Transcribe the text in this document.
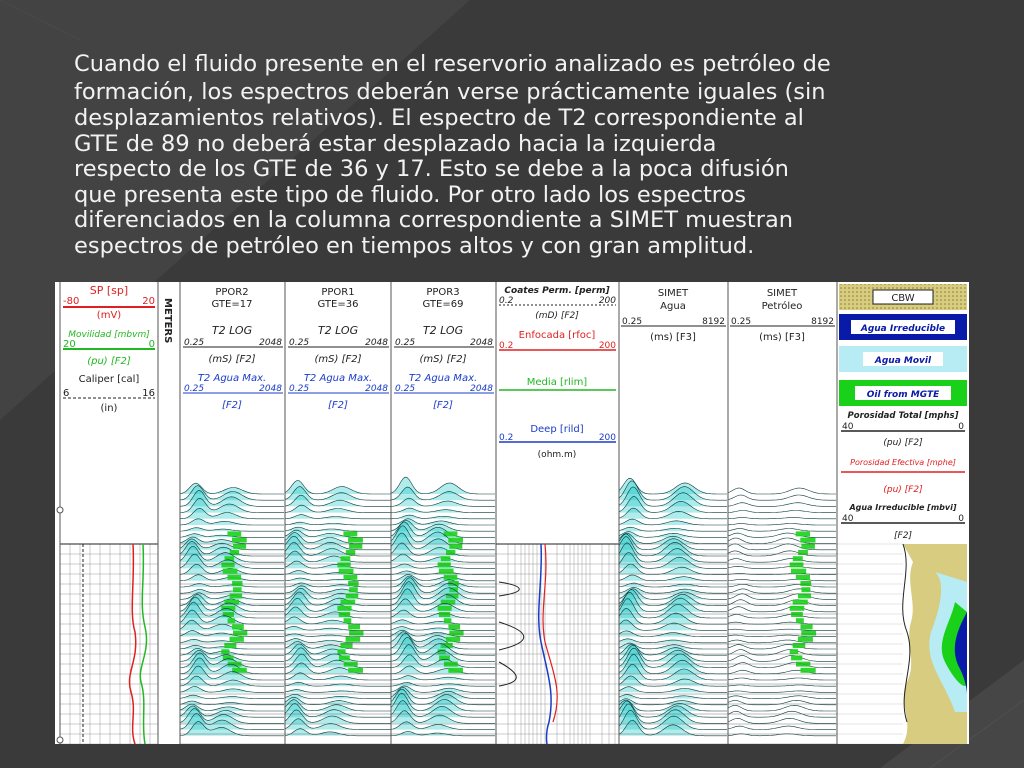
Cuando el fluido presente en el reservorio analizado es petróleo de

formación, los espectros deberán verse prácticamente iguales (sin
desplazamientos relativos). El espectro de T2 correspondiente al
GTE de 89 no deberá estar desplazado hacia la izquierda
respecto de los GTE de 36 y 17. Esto se debe a la poca difusión
que presenta este tipo de fluido. Por otro lado los espectros
diferenciados en la columna correspondiente a SIMET muestran
espectros de petróleo en tiempos altos y con gran amplitud.

SP [sp]
-80	20
(mV)
Movilidad [mbvm]
20	0
(pu) [F2]
Caliper [cal]
6	16
(in)
METERS
PPOR2
GTE=17
T2 LOG
0.25	2048
(mS) [F2]
T2 Agua Max.
0.25	2048
[F2]
PPOR1
GTE=36
T2 LOG
0.25	2048
(mS) [F2]
T2 Agua Max.
0.25	2048
[F2]
PPOR3
GTE=69
T2 LOG
0.25	2048
(mS) [F2]
T2 Agua Max.
0.25	2048
[F2]
Coates Perm. [perm]
0.2	200
(mD) [F2]
Enfocada [rfoc]
0.2	200
Media [rlim]
Deep [rild]
0.2	200
(ohm.m)
SIMET
Agua
0.25	8192
(ms) [F3]
SIMET
Petróleo
0.25	8192
(ms) [F3]
CBW
Agua Irreducible
Agua Movil
Oil from MGTE
Porosidad Total [mphs]
40	0
(pu) [F2]
Porosidad Efectiva [mphe]
(pu) [F2]
Agua Irreducible [mbvi]
40	0
[F2]
